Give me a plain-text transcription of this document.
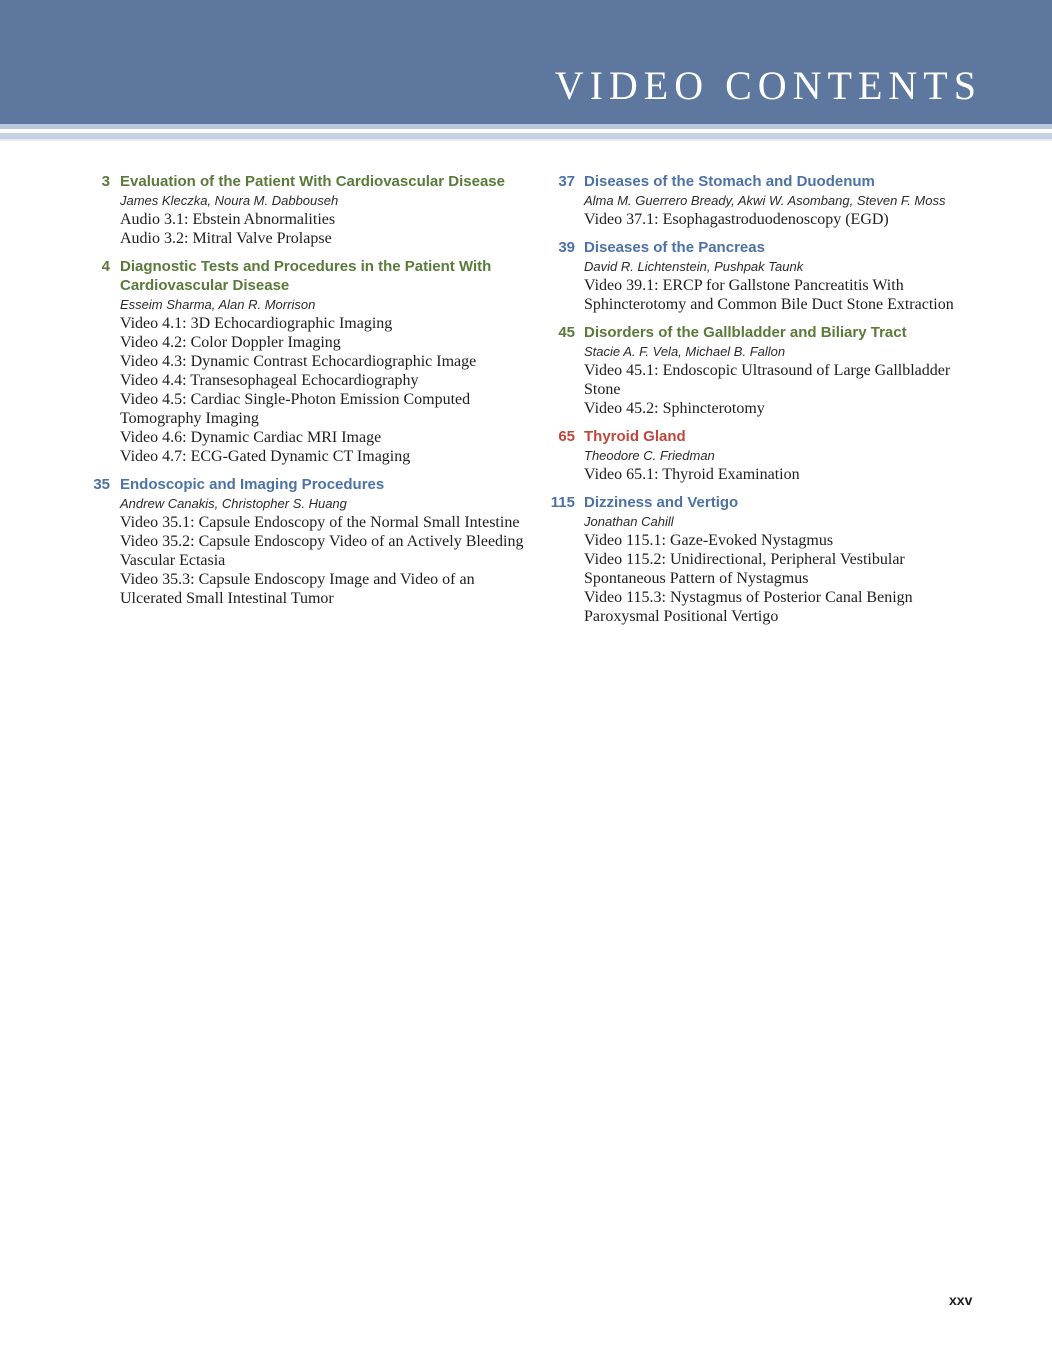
VIDEO CONTENTS
3 Evaluation of the Patient With Cardiovascular Disease
James Kleczka, Noura M. Dabbouseh
Audio 3.1: Ebstein Abnormalities
Audio 3.2: Mitral Valve Prolapse
4 Diagnostic Tests and Procedures in the Patient With Cardiovascular Disease
Esseim Sharma, Alan R. Morrison
Video 4.1: 3D Echocardiographic Imaging
Video 4.2: Color Doppler Imaging
Video 4.3: Dynamic Contrast Echocardiographic Image
Video 4.4: Transesophageal Echocardiography
Video 4.5: Cardiac Single-Photon Emission Computed Tomography Imaging
Video 4.6: Dynamic Cardiac MRI Image
Video 4.7: ECG-Gated Dynamic CT Imaging
35 Endoscopic and Imaging Procedures
Andrew Canakis, Christopher S. Huang
Video 35.1: Capsule Endoscopy of the Normal Small Intestine
Video 35.2: Capsule Endoscopy Video of an Actively Bleeding Vascular Ectasia
Video 35.3: Capsule Endoscopy Image and Video of an Ulcerated Small Intestinal Tumor
37 Diseases of the Stomach and Duodenum
Alma M. Guerrero Bready, Akwi W. Asombang, Steven F. Moss
Video 37.1: Esophagastroduodenoscopy (EGD)
39 Diseases of the Pancreas
David R. Lichtenstein, Pushpak Taunk
Video 39.1: ERCP for Gallstone Pancreatitis With Sphincterotomy and Common Bile Duct Stone Extraction
45 Disorders of the Gallbladder and Biliary Tract
Stacie A. F. Vela, Michael B. Fallon
Video 45.1: Endoscopic Ultrasound of Large Gallbladder Stone
Video 45.2: Sphincterotomy
65 Thyroid Gland
Theodore C. Friedman
Video 65.1: Thyroid Examination
115 Dizziness and Vertigo
Jonathan Cahill
Video 115.1: Gaze-Evoked Nystagmus
Video 115.2: Unidirectional, Peripheral Vestibular Spontaneous Pattern of Nystagmus
Video 115.3: Nystagmus of Posterior Canal Benign Paroxysmal Positional Vertigo
xxv
